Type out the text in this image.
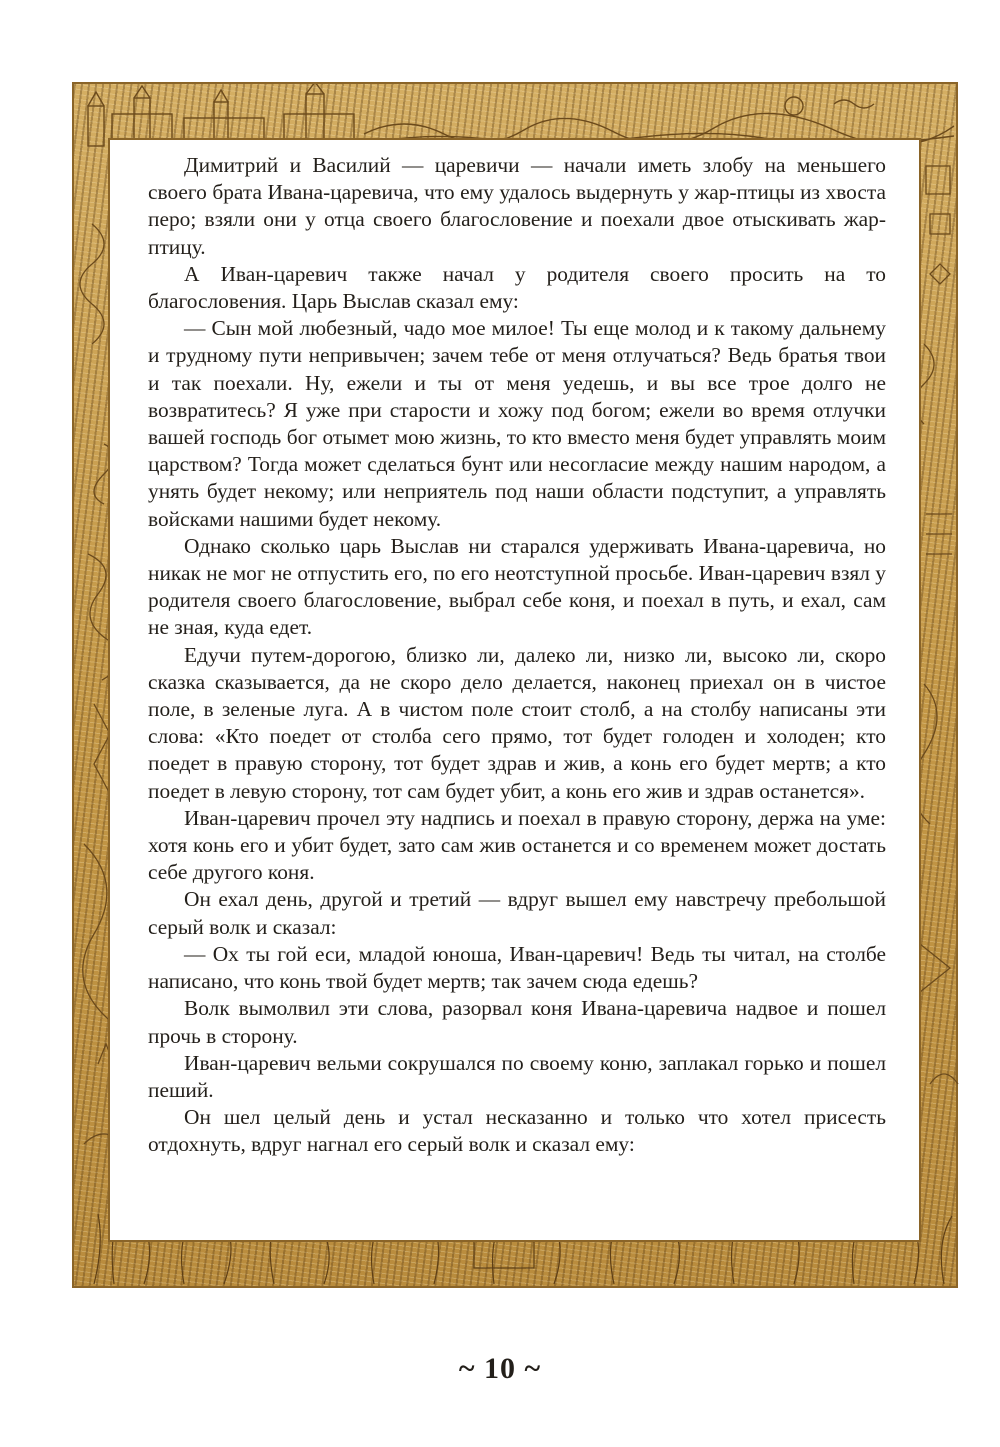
Димитрий и Василий — царевичи — начали иметь злобу на меньшего своего брата Ивана-царевича, что ему удалось выдернуть у жар-птицы из хвоста перо; взяли они у отца своего благословение и поехали двое отыскивать жар-птицу.

А Иван-царевич также начал у родителя своего просить на то благословения. Царь Выслав сказал ему:

— Сын мой любезный, чадо мое милое! Ты еще молод и к такому дальнему и трудному пути непривычен; зачем тебе от меня отлучаться? Ведь братья твои и так поехали. Ну, ежели и ты от меня уедешь, и вы все трое долго не возвратитесь? Я уже при старости и хожу под богом; ежели во время отлучки вашей господь бог отымет мою жизнь, то кто вместо меня будет управлять моим царством? Тогда может сделаться бунт или несогласие между нашим народом, а унять будет некому; или неприятель под наши области подступит, а управлять войсками нашими будет некому.

Однако сколько царь Выслав ни старался удерживать Ивана-царевича, но никак не мог не отпустить его, по его неотступной просьбе. Иван-царевич взял у родителя своего благословение, выбрал себе коня, и поехал в путь, и ехал, сам не зная, куда едет.

Едучи путем-дорогою, близко ли, далеко ли, низко ли, высоко ли, скоро сказка сказывается, да не скоро дело делается, наконец приехал он в чистое поле, в зеленые луга. А в чистом поле стоит столб, а на столбу написаны эти слова: «Кто поедет от столба сего прямо, тот будет голоден и холоден; кто поедет в правую сторону, тот будет здрав и жив, а конь его будет мертв; а кто поедет в левую сторону, тот сам будет убит, а конь его жив и здрав останется».

Иван-царевич прочел эту надпись и поехал в правую сторону, держа на уме: хотя конь его и убит будет, зато сам жив останется и со временем может достать себе другого коня.

Он ехал день, другой и третий — вдруг вышел ему навстречу пребольшой серый волк и сказал:

— Ох ты гой еси, младой юноша, Иван-царевич! Ведь ты читал, на столбе написано, что конь твой будет мертв; так зачем сюда едешь?

Волк вымолвил эти слова, разорвал коня Ивана-царевича надвое и пошел прочь в сторону.

Иван-царевич вельми сокрушался по своему коню, заплакал горько и пошел пеший.

Он шел целый день и устал несказанно и только что хотел присесть отдохнуть, вдруг нагнал его серый волк и сказал ему:

~ 10 ~
